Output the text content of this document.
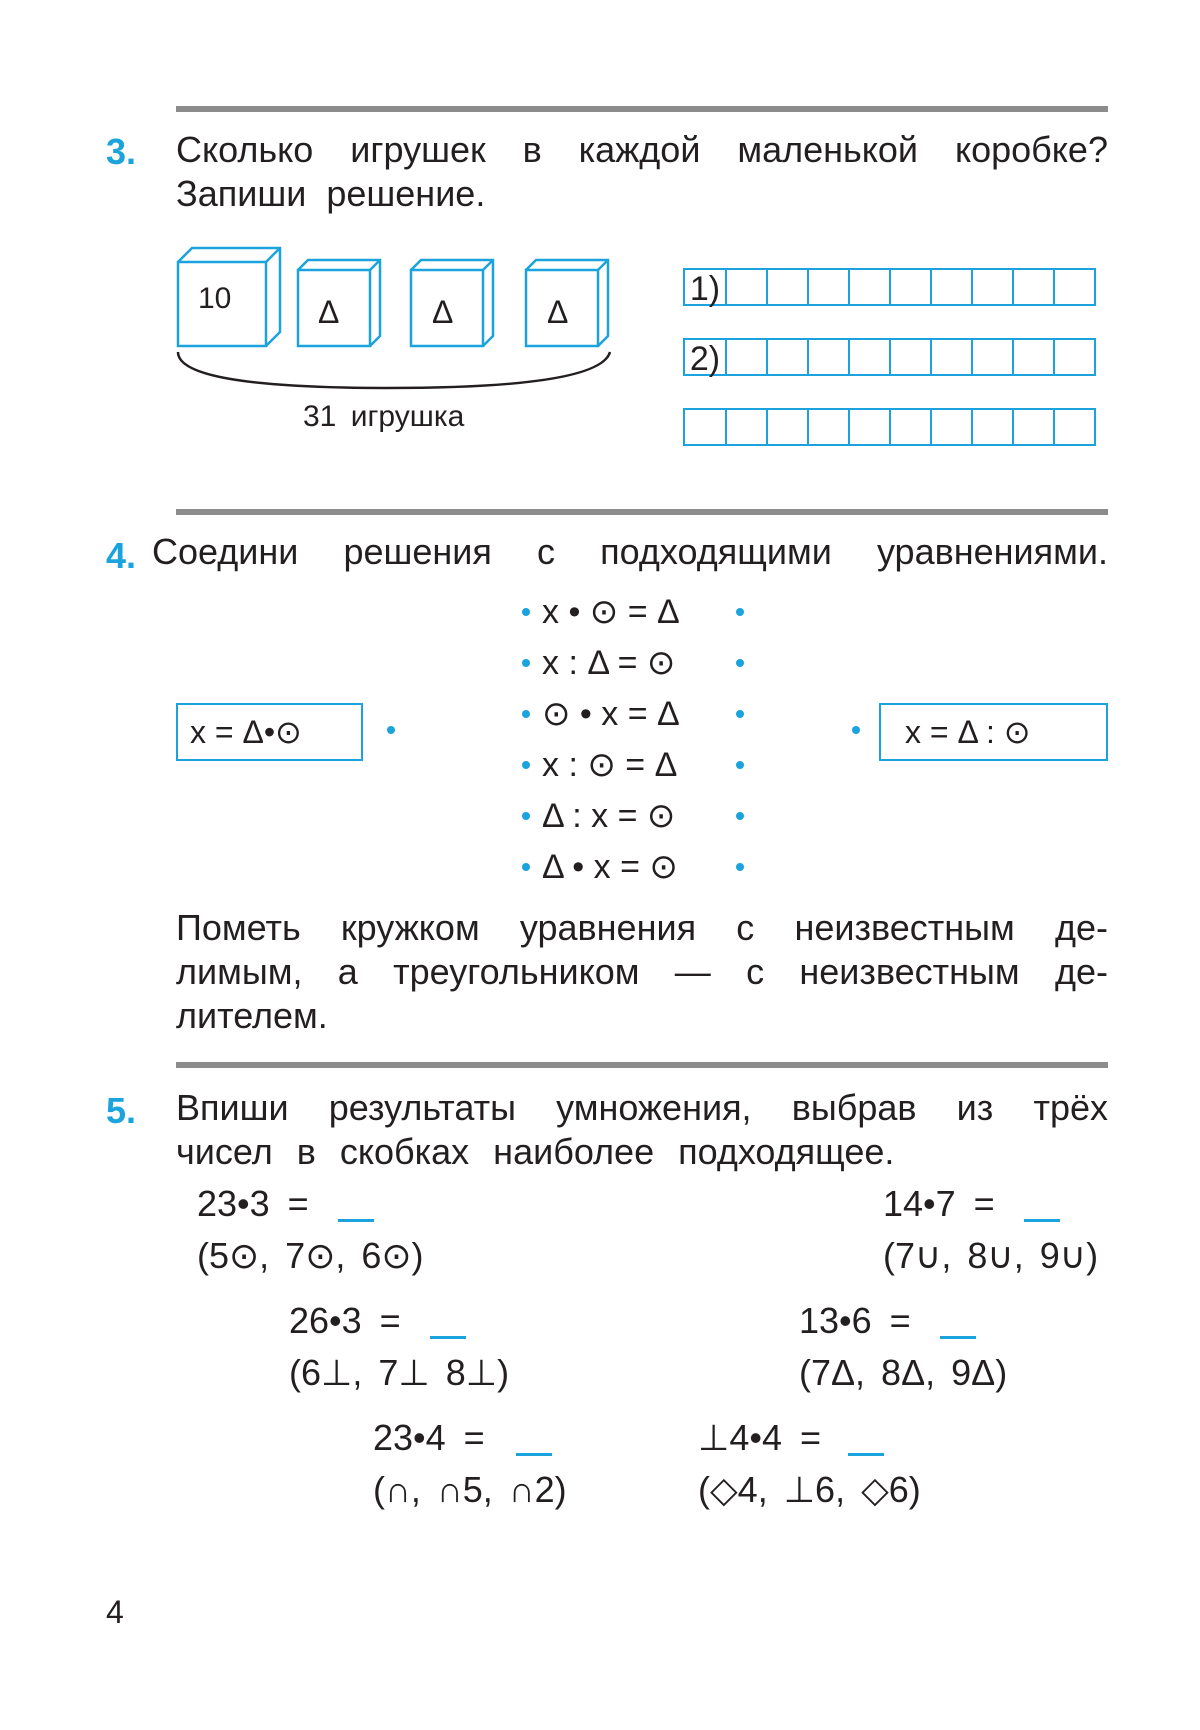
3. Сколько игрушек в каждой маленькой коробке?
Запиши решение.
10	Δ	Δ	Δ
31 игрушка
1)
2)
4. Соедини решения с подходящими уравнениями.
x = Δ•⊙	x = Δ : ⊙
x • ⊙ = Δ
x : Δ = ⊙
⊙ • x = Δ
x : ⊙ = Δ
Δ : x = ⊙
Δ • x = ⊙
Пометь кружком уравнения с неизвестным де-
лимым, а треугольником — с неизвестным де-
лителем.
5. Впиши результаты умножения, выбрав из трёх
чисел в скобках наиболее подходящее.
23•3 =
(5⊙, 7⊙, 6⊙)
14•7 =
(7∪, 8∪, 9∪)
26•3 =
(6⊥, 7⊥ 8⊥)
13•6 =
(7Δ, 8Δ, 9Δ)
23•4 =
(∩, ∩5, ∩2)
⊥4•4 =
(◇4, ⊥6, ◇6)
4
